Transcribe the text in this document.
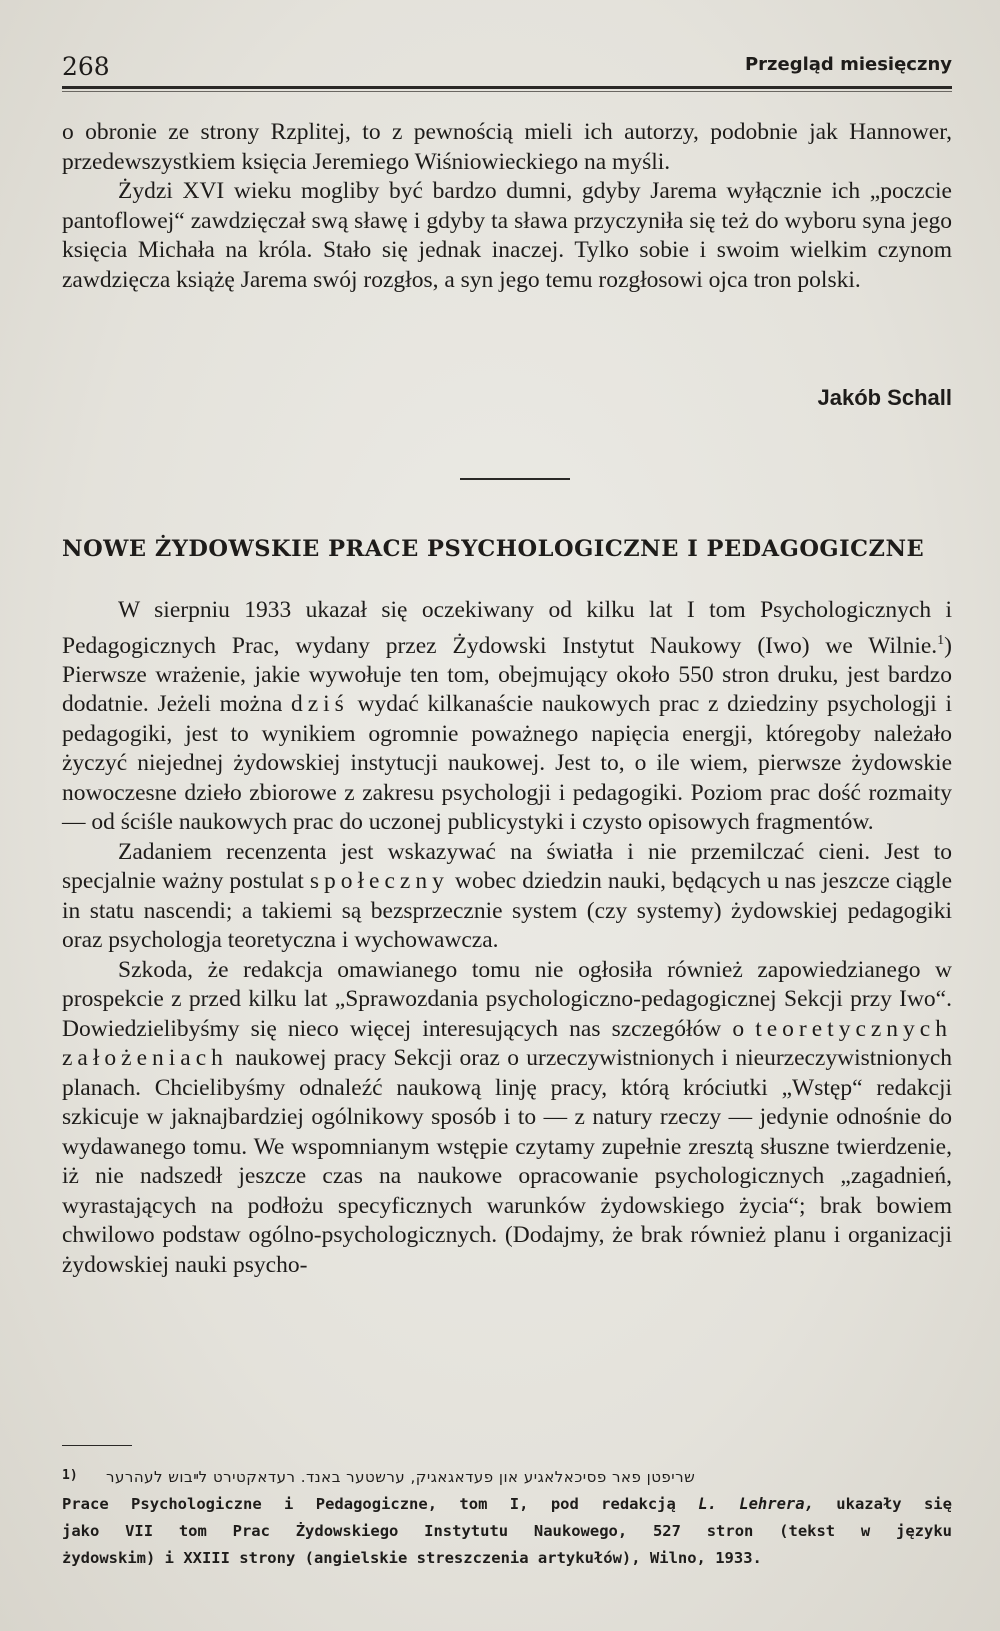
268	Przegląd miesięczny

o obronie ze strony Rzplitej, to z pewnością mieli ich autorzy, podobnie jak Hannower, przedewszystkiem księcia Jeremiego Wiśniowieckiego na myśli.

Żydzi XVI wieku mogliby być bardzo dumni, gdyby Jarema wyłącznie ich „poczcie pantoflowej“ zawdzięczał swą sławę i gdyby ta sława przyczyniła się też do wyboru syna jego księcia Michała na króla. Stało się jednak inaczej. Tylko sobie i swoim wielkim czynom zawdzięcza książę Jarema swój rozgłos, a syn jego temu rozgłosowi ojca tron polski.

Jakób Schall
NOWE ŻYDOWSKIE PRACE PSYCHOLOGICZNE I PEDAGOGICZNE

W sierpniu 1933 ukazał się oczekiwany od kilku lat I tom Psychologicznych i Pedagogicznych Prac, wydany przez Żydowski Instytut Naukowy (Iwo) we Wilnie.$^1$) Pierwsze wrażenie, jakie wywołuje ten tom, obejmujący około 550 stron druku, jest bardzo dodatnie. Jeżeli można dziś wydać kilkanaście naukowych prac z dziedziny psychologji i pedagogiki, jest to wynikiem ogromnie poważnego napięcia energji, któregoby należało życzyć niejednej żydowskiej instytucji naukowej. Jest to, o ile wiem, pierwsze żydowskie nowoczesne dzieło zbiorowe z zakresu psychologji i pedagogiki. Poziom prac dość rozmaity — od ściśle naukowych prac do uczonej publicystyki i czysto opisowych fragmentów.

Zadaniem recenzenta jest wskazywać na światła i nie przemilczać cieni. Jest to specjalnie ważny postulat społeczny wobec dziedzin nauki, będących u nas jeszcze ciągle in statu nascendi; a takiemi są bezsprzecznie system (czy systemy) żydowskiej pedagogiki oraz psychologja teoretyczna i wychowawcza.

Szkoda, że redakcja omawianego tomu nie ogłosiła również zapowiedzianego w prospekcie z przed kilku lat „Sprawozdania psychologiczno-pedagogicznej Sekcji przy Iwo“. Dowiedzielibyśmy się nieco więcej interesujących nas szczegółów o teoretycznych założeniach naukowej pracy Sekcji oraz o urzeczywistnionych i nieurzeczywistnionych planach. Chcielibyśmy odnaleźć naukową linję pracy, którą króciutki „Wstęp“ redakcji szkicuje w jaknajbardziej ogólnikowy sposób i to — z natury rzeczy — jedynie odnośnie do wydawanego tomu. We wspomnianym wstępie czytamy zupełnie zresztą słuszne twierdzenie, iż nie nadszedł jeszcze czas na naukowe opracowanie psychologicznych „zagadnień, wyrastających na podłożu specyficznych warunków żydowskiego życia“; brak bowiem chwilowo podstaw ogólno-psychologicznych. (Dodajmy, że brak również planu i organizacji żydowskiej nauki psycho-

1) שריפטן פאר פסיכאלאגיע און פעדאגאגיק, ערשטער באנד. רעדאקטירט לײבוש לעהרער
Prace Psychologiczne i Pedagogiczne, tom I, pod redakcją L. Lehrera, ukazały się
jako VII tom Prac Żydowskiego Instytutu Naukowego, 527 stron (tekst w języku
żydowskim) i XXIII strony (angielskie streszczenia artykułów), Wilno, 1933.
